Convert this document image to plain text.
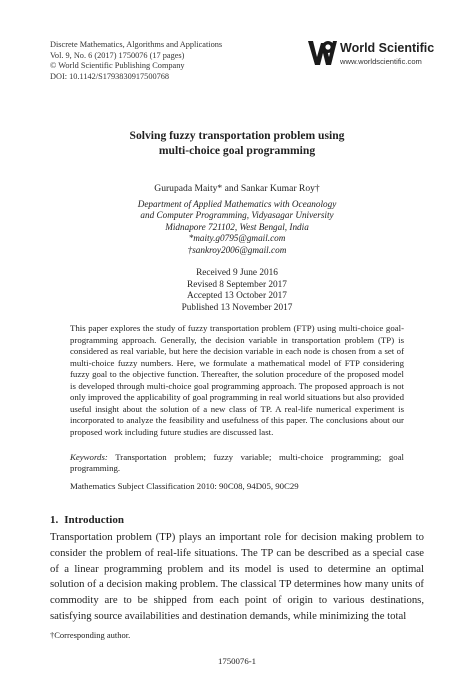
Discrete Mathematics, Algorithms and Applications
Vol. 9, No. 6 (2017) 1750076 (17 pages)
© World Scientific Publishing Company
DOI: 10.1142/S1793830917500768
World Scientific
www.worldscientific.com
Solving fuzzy transportation problem using
multi-choice goal programming
Gurupada Maity* and Sankar Kumar Roy†
Department of Applied Mathematics with Oceanology
and Computer Programming, Vidyasagar University
Midnapore 721102, West Bengal, India
*maity.g0795@gmail.com
†sankroy2006@gmail.com
Received 9 June 2016
Revised 8 September 2017
Accepted 13 October 2017
Published 13 November 2017

This paper explores the study of fuzzy transportation problem (FTP) using multi-choice goal-programming approach. Generally, the decision variable in transportation problem (TP) is considered as real variable, but here the decision variable in each node is chosen from a set of multi-choice fuzzy numbers. Here, we formulate a mathematical model of FTP considering fuzzy goal to the objective function. Thereafter, the solution procedure of the proposed model is developed through multi-choice goal programming approach. The proposed approach is not only improved the applicability of goal programming in real world situations but also provided useful insight about the solution of a new class of TP. A real-life numerical experiment is incorporated to analyze the feasibility and usefulness of this paper. The conclusions about our proposed work including future studies are discussed last.

Keywords: Transportation problem; fuzzy variable; multi-choice programming; goal programming.
Mathematics Subject Classification 2010: 90C08, 94D05, 90C29
1. Introduction

Transportation problem (TP) plays an important role for decision making problem to consider the problem of real-life situations. The TP can be described as a special case of a linear programming problem and its model is used to determine an optimal solution of a decision making problem. The classical TP determines how many units of commodity are to be shipped from each point of origin to various destinations, satisfying source availabilities and destination demands, while minimizing the total

†Corresponding author.
1750076-1
